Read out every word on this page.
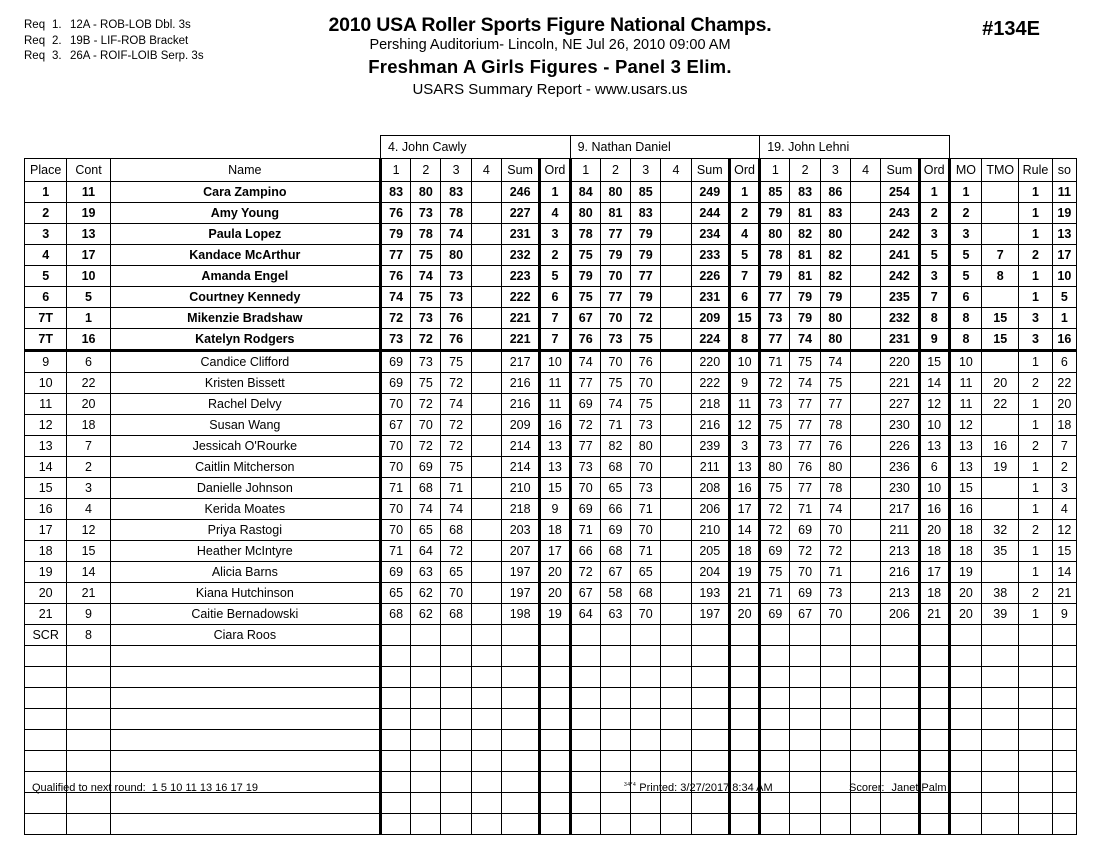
Req 1. 12A - ROB-LOB Dbl. 3s
Req 2. 19B - LIF-ROB Bracket
Req 3. 26A - ROIF-LOIB Serp. 3s
2010 USA Roller Sports Figure National Champs.
Pershing Auditorium- Lincoln, NE Jul 26, 2010 09:00 AM
Freshman A Girls Figures - Panel 3 Elim.
USARS Summary Report - www.usars.us
#134E
			4. John Cawly						9. Nathan Daniel						19. John Lehni									
Place	Cont	Name	1	2	3	4	Sum	Ord	1	2	3	4	Sum	Ord	1	2	3	4	Sum	Ord	MO	TMO	Rule	so
1	11	Cara Zampino	83	80	83		246	1	84	80	85		249	1	85	83	86		254	1	1		1	11
2	19	Amy Young	76	73	78		227	4	80	81	83		244	2	79	81	83		243	2	2		1	19
3	13	Paula Lopez	79	78	74		231	3	78	77	79		234	4	80	82	80		242	3	3		1	13
4	17	Kandace McArthur	77	75	80		232	2	75	79	79		233	5	78	81	82		241	5	5	7	2	17
5	10	Amanda Engel	76	74	73		223	5	79	70	77		226	7	79	81	82		242	3	5	8	1	10
6	5	Courtney Kennedy	74	75	73		222	6	75	77	79		231	6	77	79	79		235	7	6		1	5
7T	1	Mikenzie Bradshaw	72	73	76		221	7	67	70	72		209	15	73	79	80		232	8	8	15	3	1
7T	16	Katelyn Rodgers	73	72	76		221	7	76	73	75		224	8	77	74	80		231	9	8	15	3	16
9	6	Candice Clifford	69	73	75		217	10	74	70	76		220	10	71	75	74		220	15	10		1	6
10	22	Kristen Bissett	69	75	72		216	11	77	75	70		222	9	72	74	75		221	14	11	20	2	22
11	20	Rachel Delvy	70	72	74		216	11	69	74	75		218	11	73	77	77		227	12	11	22	1	20
12	18	Susan Wang	67	70	72		209	16	72	71	73		216	12	75	77	78		230	10	12		1	18
13	7	Jessicah O'Rourke	70	72	72		214	13	77	82	80		239	3	73	77	76		226	13	13	16	2	7
14	2	Caitlin Mitcherson	70	69	75		214	13	73	68	70		211	13	80	76	80		236	6	13	19	1	2
15	3	Danielle Johnson	71	68	71		210	15	70	65	73		208	16	75	77	78		230	10	15		1	3
16	4	Kerida Moates	70	74	74		218	9	69	66	71		206	17	72	71	74		217	16	16		1	4
17	12	Priya Rastogi	70	65	68		203	18	71	69	70		210	14	72	69	70		211	20	18	32	2	12
18	15	Heather McIntyre	71	64	72		207	17	66	68	71		205	18	69	72	72		213	18	18	35	1	15
19	14	Alicia Barns	69	63	65		197	20	72	67	65		204	19	75	70	71		216	17	19		1	14
20	21	Kiana Hutchinson	65	62	70		197	20	67	58	68		193	21	71	69	73		213	18	20	38	2	21
21	9	Caitie Bernadowski	68	62	68		198	19	64	63	70		197	20	69	67	70		206	21	20	39	1	9
SCR	8	Ciara Roos																						

Qualified to next round: 1 5 10 11 13 16 17 19	$^{34*4}$ Printed: 3/27/2017 8:34 AM	Scorer: Janet Palm
